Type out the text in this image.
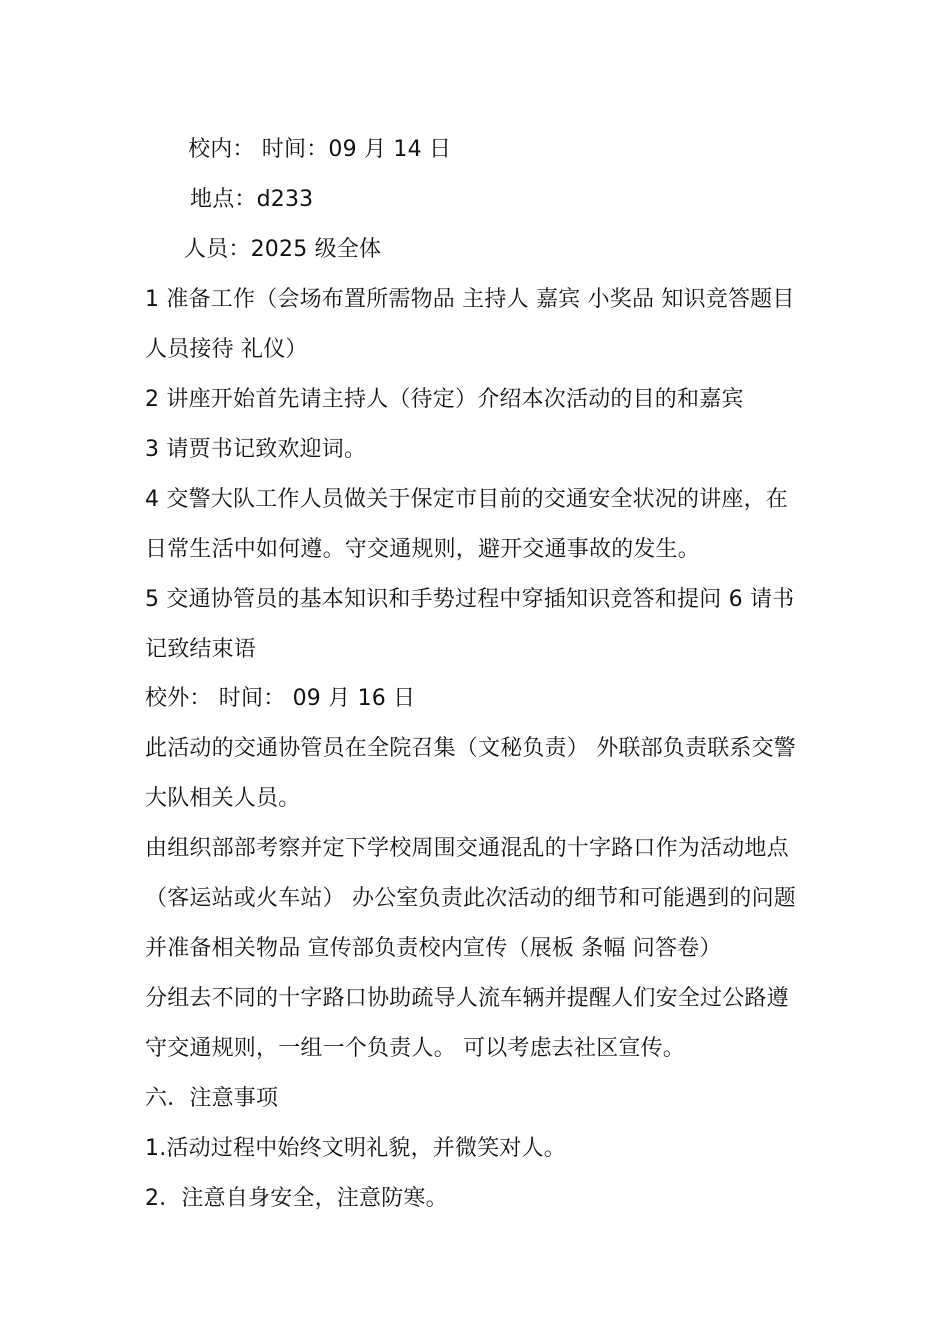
校内： 时间：09 月 14 日
地点：d233
人员：2025 级全体
1 准备工作（会场布置所需物品 主持人 嘉宾 小奖品 知识竞答题目
人员接待 礼仪）
2 讲座开始首先请主持人（待定）介绍本次活动的目的和嘉宾
3 请贾书记致欢迎词。
4 交警大队工作人员做关于保定市目前的交通安全状况的讲座，在
日常生活中如何遵。守交通规则，避开交通事故的发生。
5 交通协管员的基本知识和手势过程中穿插知识竞答和提问 6 请书
记致结束语
校外： 时间： 09 月 16 日
此活动的交通协管员在全院召集（文秘负责） 外联部负责联系交警
大队相关人员。
由组织部部考察并定下学校周围交通混乱的十字路口作为活动地点
（客运站或火车站） 办公室负责此次活动的细节和可能遇到的问题
并准备相关物品 宣传部负责校内宣传（展板 条幅 问答卷）
分组去不同的十字路口协助疏导人流车辆并提醒人们安全过公路遵
守交通规则，一组一个负责人。 可以考虑去社区宣传。
六．注意事项
1.活动过程中始终文明礼貌，并微笑对人。
2．注意自身安全，注意防寒。
